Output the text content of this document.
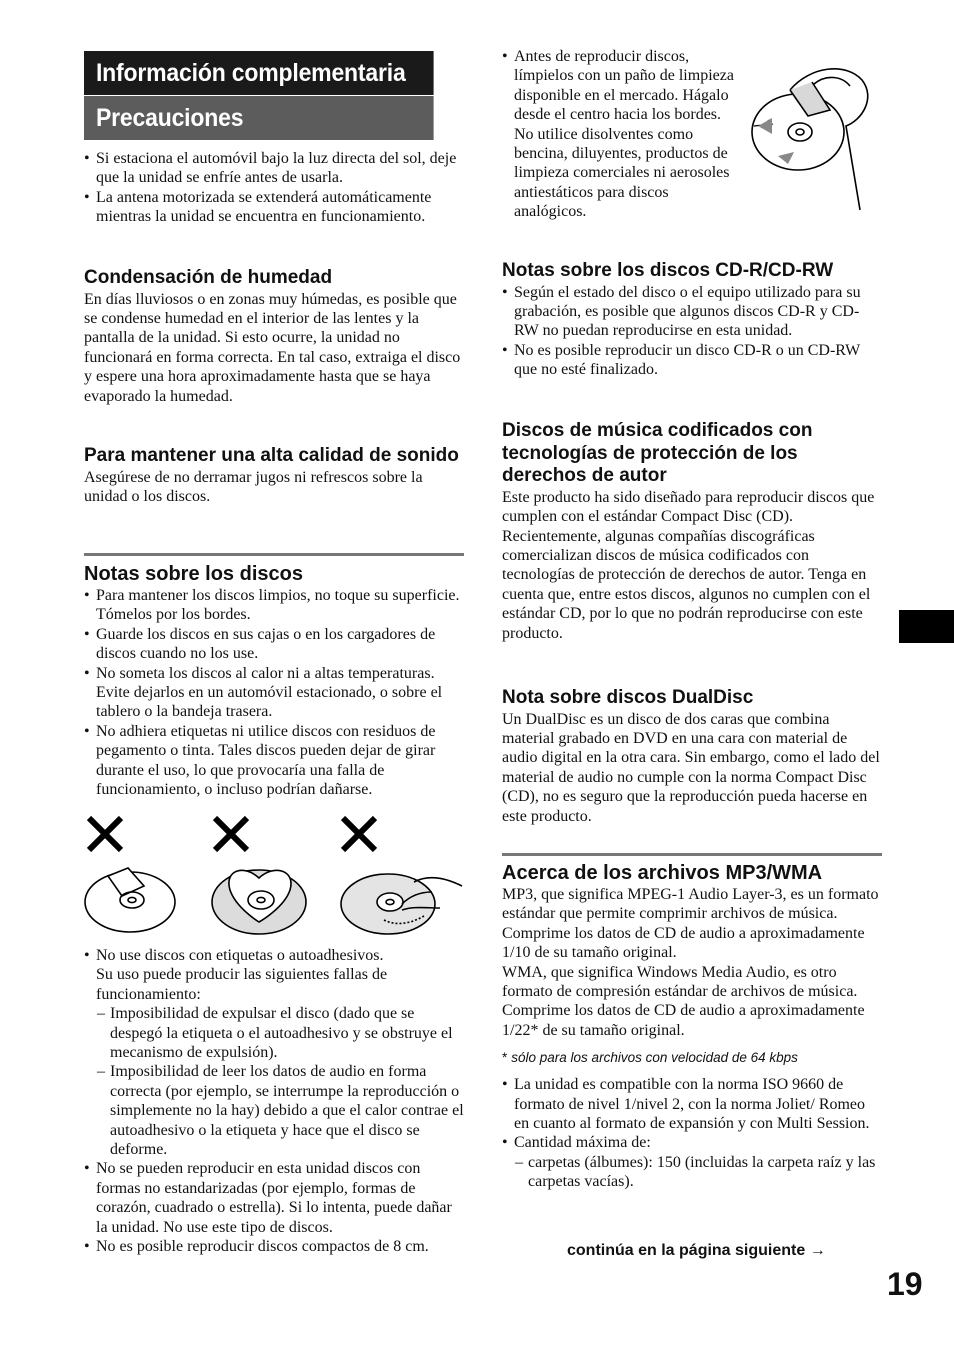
Información complementaria
Precauciones
• Si estaciona el automóvil bajo la luz directa del sol, deje que la unidad se enfríe antes de usarla.
• La antena motorizada se extenderá automáticamente mientras la unidad se encuentra en funcionamiento.
Condensación de humedad

En días lluviosos o en zonas muy húmedas, es posible que se condense humedad en el interior de las lentes y la pantalla de la unidad. Si esto ocurre, la unidad no funcionará en forma correcta. En tal caso, extraiga el disco y espere una hora aproximadamente hasta que se haya evaporado la humedad.

Para mantener una alta calidad de sonido

Asegúrese de no derramar jugos ni refrescos sobre la unidad o los discos.

Notas sobre los discos
• Para mantener los discos limpios, no toque su superficie. Tómelos por los bordes.
• Guarde los discos en sus cajas o en los cargadores de discos cuando no los use.
• No someta los discos al calor ni a altas temperaturas. Evite dejarlos en un automóvil estacionado, o sobre el tablero o la bandeja trasera.
• No adhiera etiquetas ni utilice discos con residuos de pegamento o tinta. Tales discos pueden dejar de girar durante el uso, lo que provocaría una falla de funcionamiento, o incluso podrían dañarse.
• No use discos con etiquetas o autoadhesivos.
Su uso puede producir las siguientes fallas de funcionamiento:
– Imposibilidad de expulsar el disco (dado que se despegó la etiqueta o el autoadhesivo y se obstruye el mecanismo de expulsión).
– Imposibilidad de leer los datos de audio en forma correcta (por ejemplo, se interrumpe la reproducción o simplemente no la hay) debido a que el calor contrae el autoadhesivo o la etiqueta y hace que el disco se deforme.
• No se pueden reproducir en esta unidad discos con formas no estandarizadas (por ejemplo, formas de corazón, cuadrado o estrella). Si lo intenta, puede dañar la unidad. No use este tipo de discos.
• No es posible reproducir discos compactos de 8 cm.
• Antes de reproducir discos, límpielos con un paño de limpieza disponible en el mercado. Hágalo desde el centro hacia los bordes. No utilice disolventes como bencina, diluyentes, productos de limpieza comerciales ni aerosoles antiestáticos para discos analógicos.
Notas sobre los discos CD-R/CD-RW
• Según el estado del disco o el equipo utilizado para su grabación, es posible que algunos discos CD-R y CD-RW no puedan reproducirse en esta unidad.
• No es posible reproducir un disco CD-R o un CD-RW que no esté finalizado.
Discos de música codificados con tecnologías de protección de los derechos de autor

Este producto ha sido diseñado para reproducir discos que cumplen con el estándar Compact Disc (CD).

Recientemente, algunas compañías discográficas comercializan discos de música codificados con tecnologías de protección de derechos de autor. Tenga en cuenta que, entre estos discos, algunos no cumplen con el estándar CD, por lo que no podrán reproducirse con este producto.

Nota sobre discos DualDisc

Un DualDisc es un disco de dos caras que combina material grabado en DVD en una cara con material de audio digital en la otra cara. Sin embargo, como el lado del material de audio no cumple con la norma Compact Disc (CD), no es seguro que la reproducción pueda hacerse en este producto.

Acerca de los archivos MP3/WMA

MP3, que significa MPEG-1 Audio Layer-3, es un formato estándar que permite comprimir archivos de música. Comprime los datos de CD de audio a aproximadamente 1/10 de su tamaño original.

WMA, que significa Windows Media Audio, es otro formato de compresión estándar de archivos de música. Comprime los datos de CD de audio a aproximadamente 1/22* de su tamaño original.

* sólo para los archivos con velocidad de 64 kbps
• La unidad es compatible con la norma ISO 9660 de formato de nivel 1/nivel 2, con la norma Joliet/ Romeo en cuanto al formato de expansión y con Multi Session.
• Cantidad máxima de:
– carpetas (álbumes): 150 (incluidas la carpeta raíz y las carpetas vacías).
continúa en la página siguiente →
19
